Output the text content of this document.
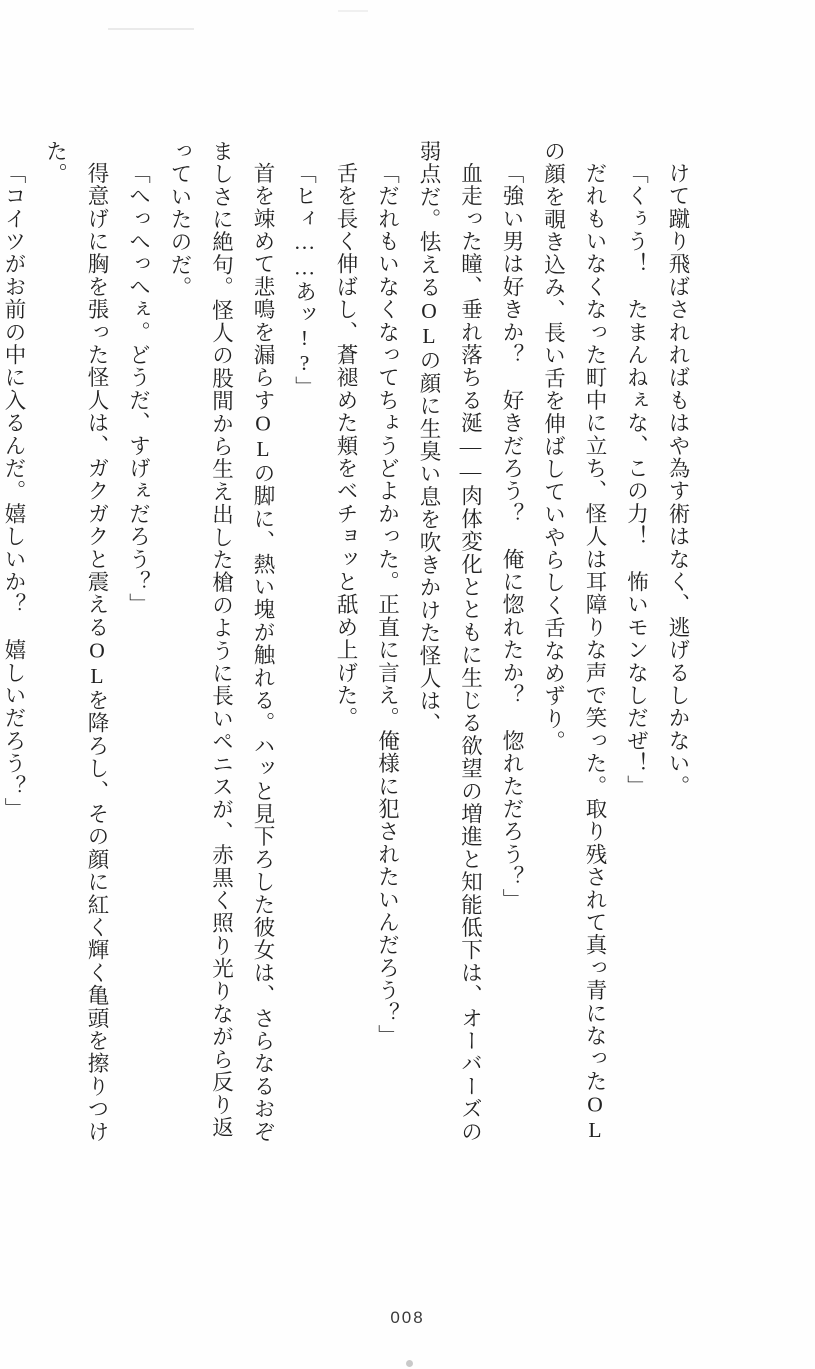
けて蹴り飛ばされればもはや為す術はなく、逃げるしかない。

「くぅう！　たまんねぇな、この力！　怖いモンなしだぜ！」

だれもいなくなった町中に立ち、怪人は耳障りな声で笑った。取り残されて真っ青になったОLの顔を覗き込み、長い舌を伸ばしていやらしく舌なめずり。

「強い男は好きか？　好きだろう？　俺に惚れたか？　惚れただろう？」

血走った瞳、垂れ落ちる涎——肉体変化とともに生じる欲望の増進と知能低下は、オーバーズの弱点だ。怯えるОLの顔に生臭い息を吹きかけた怪人は、

「だれもいなくなってちょうどよかった。正直に言え。俺様に犯されたいんだろう？」

舌を長く伸ばし、蒼褪めた頬をベチョッと舐め上げた。

「ヒィ……あッ!?」

首を竦めて悲鳴を漏らすОLの脚に、熱い塊が触れる。ハッと見下ろした彼女は、さらなるおぞましさに絶句。怪人の股間から生え出した槍のように長いペニスが、赤黒く照り光りながら反り返っていたのだ。

「へっへっへぇ。どうだ、すげぇだろう？」

得意げに胸を張った怪人は、ガクガクと震えるОLを降ろし、その顔に紅く輝く亀頭を擦りつけた。

「コイツがお前の中に入るんだ。嬉しいか？　嬉しいだろう？」

008
